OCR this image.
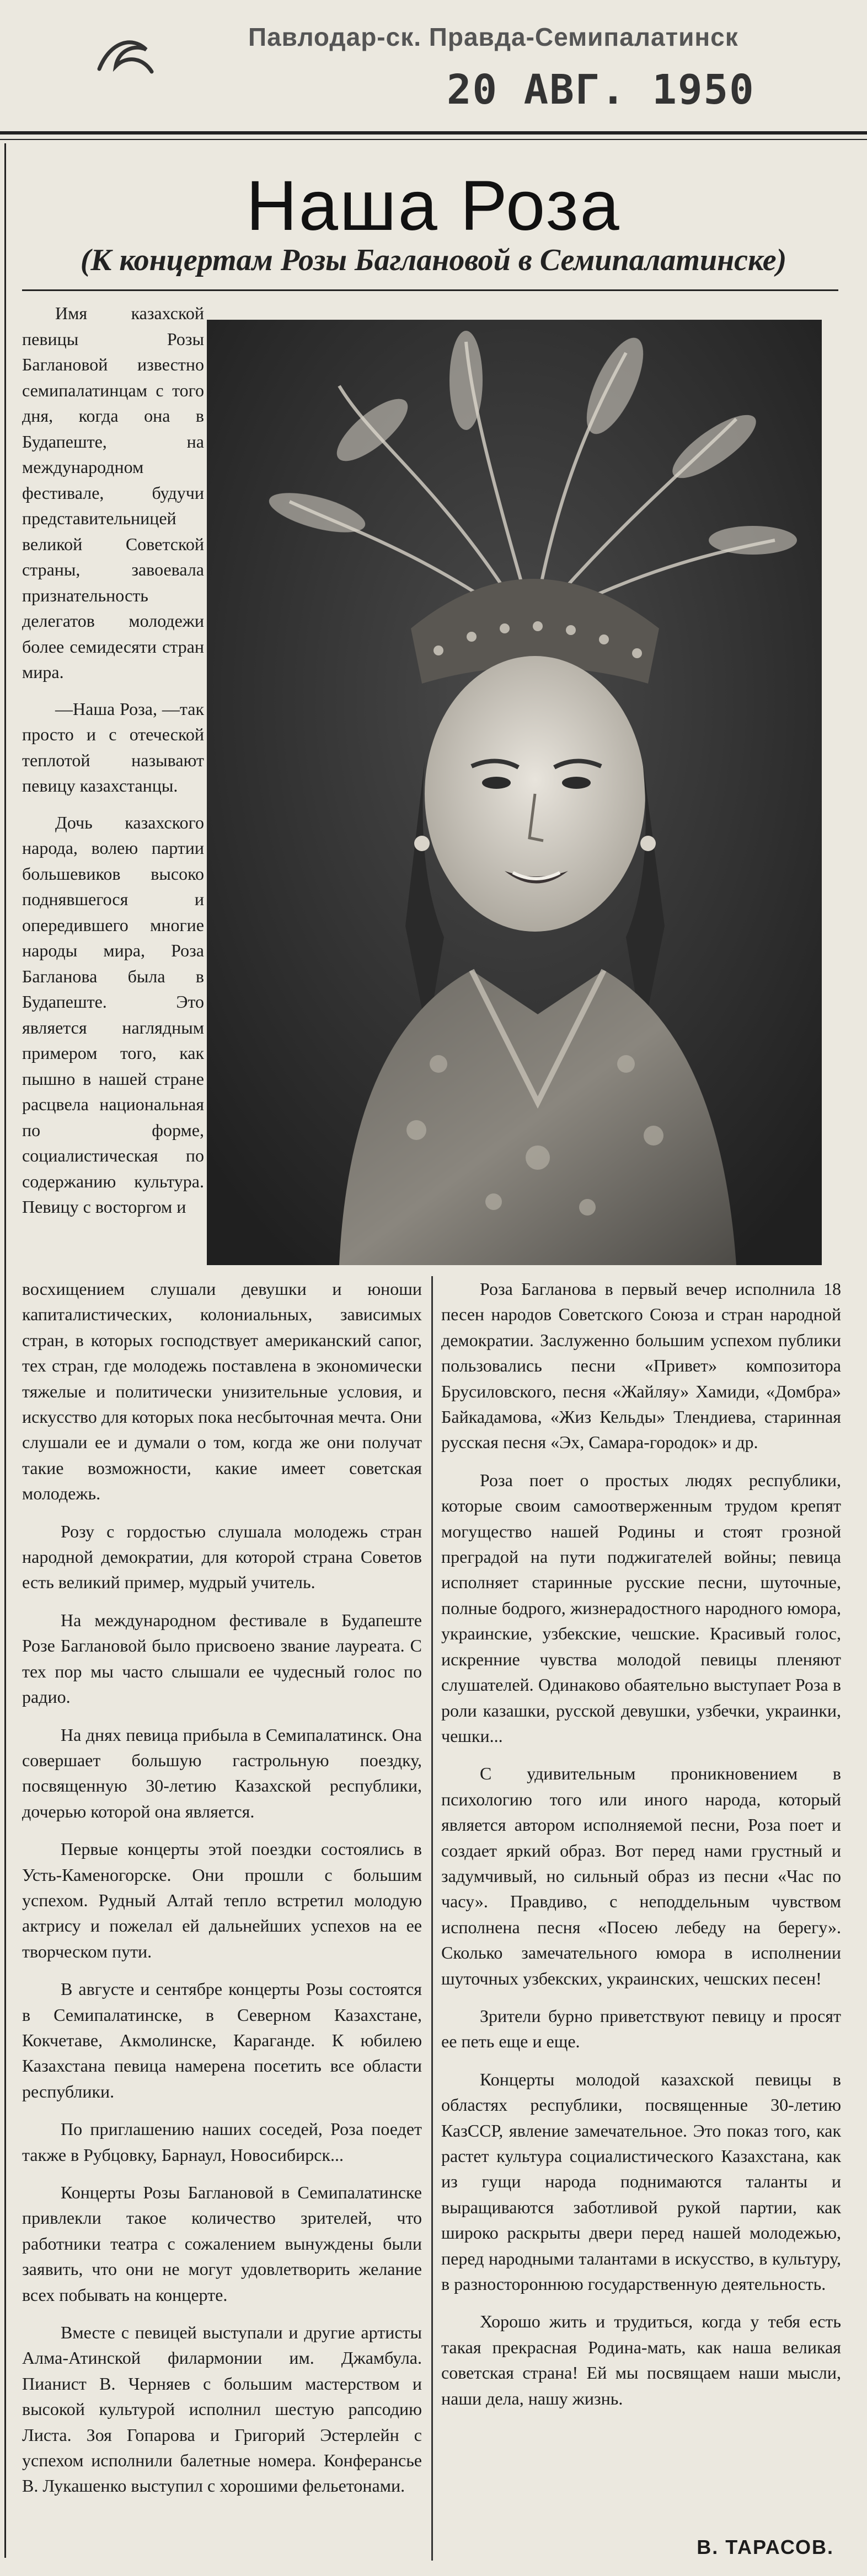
Павлодар-ск. Правда-Семипалатинск
20 АВГ. 1950
Наша Роза
(К концертам Розы Баглановой в Семипалатинске)

Имя казахской певицы Розы Баглановой известно семипалатинцам с того дня, когда она в Будапеште, на международном фестивале, будучи представительницей великой Советской страны, завоевала признательность делегатов молодежи более семидесяти стран мира.

—Наша Роза, —так просто и с отеческой теплотой называют певицу казахстанцы.

Дочь казахского народа, волею партии большевиков высоко поднявшегося и опередившего многие народы мира, Роза Багланова была в Будапеште. Это является наглядным примером того, как пышно в нашей стране расцвела национальная по форме, социалистическая по содержанию культура. Певицу с восторгом и

восхищением слушали девушки и юноши капиталистических, колониальных, зависимых стран, в которых господствует американский сапог, тех стран, где молодежь поставлена в экономически тяжелые и политически унизительные условия, и искусство для которых пока несбыточная мечта. Они слушали ее и думали о том, когда же они получат такие возможности, какие имеет советская молодежь.

Розу с гордостью слушала молодежь стран народной демократии, для которой страна Советов есть великий пример, мудрый учитель.

На международном фестивале в Будапеште Розе Баглановой было присвоено звание лауреата. С тех пор мы часто слышали ее чудесный голос по радио.

На днях певица прибыла в Семипалатинск. Она совершает большую гастрольную поездку, посвященную 30-летию Казахской республики, дочерью которой она является.

Первые концерты этой поездки состоялись в Усть-Каменогорске. Они прошли с большим успехом. Рудный Алтай тепло встретил молодую актрису и пожелал ей дальнейших успехов на ее творческом пути.

В августе и сентябре концерты Розы состоятся в Семипалатинске, в Северном Казахстане, Кокчетаве, Акмолинске, Караганде. К юбилею Казахстана певица намерена посетить все области республики.

По приглашению наших соседей, Роза поедет также в Рубцовку, Барнаул, Новосибирск...

Концерты Розы Баглановой в Семипалатинске привлекли такое количество зрителей, что работники театра с сожалением вынуждены были заявить, что они не могут удовлетворить желание всех побывать на концерте.

Вместе с певицей выступали и другие артисты Алма-Атинской филармонии им. Джамбула. Пианист В. Черняев с большим мастерством и высокой культурой исполнил шестую рапсодию Листа. Зоя Гопарова и Григорий Эстерлейн с успехом исполнили балетные номера. Конферансье В. Лукашенко выступил с хорошими фельетонами.

Роза Багланова в первый вечер исполнила 18 песен народов Советского Союза и стран народной демократии. Заслуженно большим успехом публики пользовались песни «Привет» композитора Брусиловского, песня «Жайляу» Хамиди, «Домбра» Байкадамова, «Жиз Кельды» Тлендиева, старинная русская песня «Эх, Самара-городок» и др.

Роза поет о простых людях республики, которые своим самоотверженным трудом крепят могущество нашей Родины и стоят грозной преградой на пути поджигателей войны; певица исполняет старинные русские песни, шуточные, полные бодрого, жизнерадостного народного юмора, украинские, узбекские, чешские. Красивый голос, искренние чувства молодой певицы пленяют слушателей. Одинаково обаятельно выступает Роза в роли казашки, русской девушки, узбечки, украинки, чешки...

С удивительным проникновением в психологию того или иного народа, который является автором исполняемой песни, Роза поет и создает яркий образ. Вот перед нами грустный и задумчивый, но сильный образ из песни «Час по часу». Правдиво, с неподдельным чувством исполнена песня «Посею лебеду на берегу». Сколько замечательного юмора в исполнении шуточных узбекских, украинских, чешских песен!

Зрители бурно приветствуют певицу и просят ее петь еще и еще.

Концерты молодой казахской певицы в областях республики, посвященные 30-летию КазССР, явление замечательное. Это показ того, как растет культура социалистического Казахстана, как из гущи народа поднимаются таланты и выращиваются заботливой рукой партии, как широко раскрыты двери перед нашей молодежью, перед народными талантами в искусство, в культуру, в разностороннюю государственную деятельность.

Хорошо жить и трудиться, когда у тебя есть такая прекрасная Родина-мать, как наша великая советская страна! Ей мы посвящаем наши мысли, наши дела, нашу жизнь.

В. ТАРАСОВ.
